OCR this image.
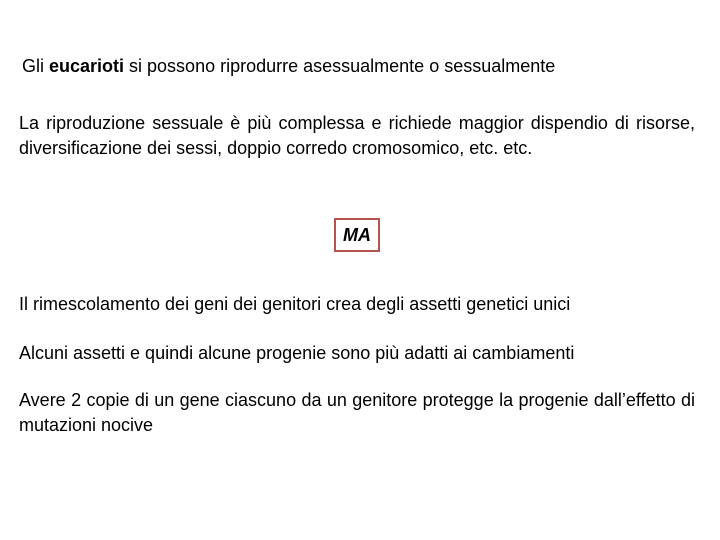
Gli eucarioti si possono riprodurre asessualmente o sessualmente

La riproduzione sessuale è più complessa e richiede maggior dispendio di risorse, diversificazione dei sessi, doppio corredo cromosomico, etc. etc.

MA

Il rimescolamento dei geni dei genitori crea degli assetti genetici unici

Alcuni assetti e quindi alcune progenie sono più adatti ai cambiamenti

Avere 2 copie di un gene ciascuno da un genitore protegge la progenie dall’effetto di mutazioni nocive
